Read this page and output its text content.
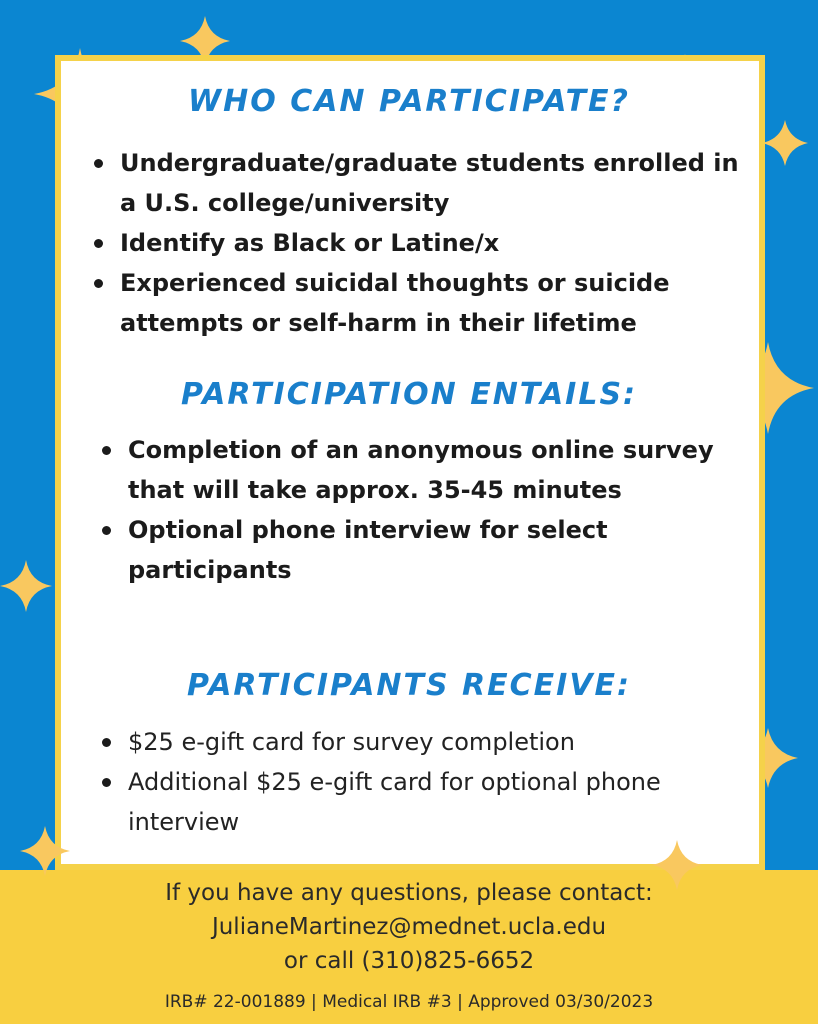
WHO CAN PARTICIPATE?
Undergraduate/graduate students enrolled in a U.S. college/university
Identify as Black or Latine/x
Experienced suicidal thoughts or suicide attempts or self-harm in their lifetime
PARTICIPATION ENTAILS:
Completion of an anonymous online survey that will take approx. 35-45 minutes
Optional phone interview for select participants
PARTICIPANTS RECEIVE:
$25 e-gift card for survey completion
Additional $25 e-gift card for optional phone interview
If you have any questions, please contact:
JulianeMartinez@mednet.ucla.edu
or call (310)825-6652
IRB# 22-001889 | Medical IRB #3 | Approved 03/30/2023
